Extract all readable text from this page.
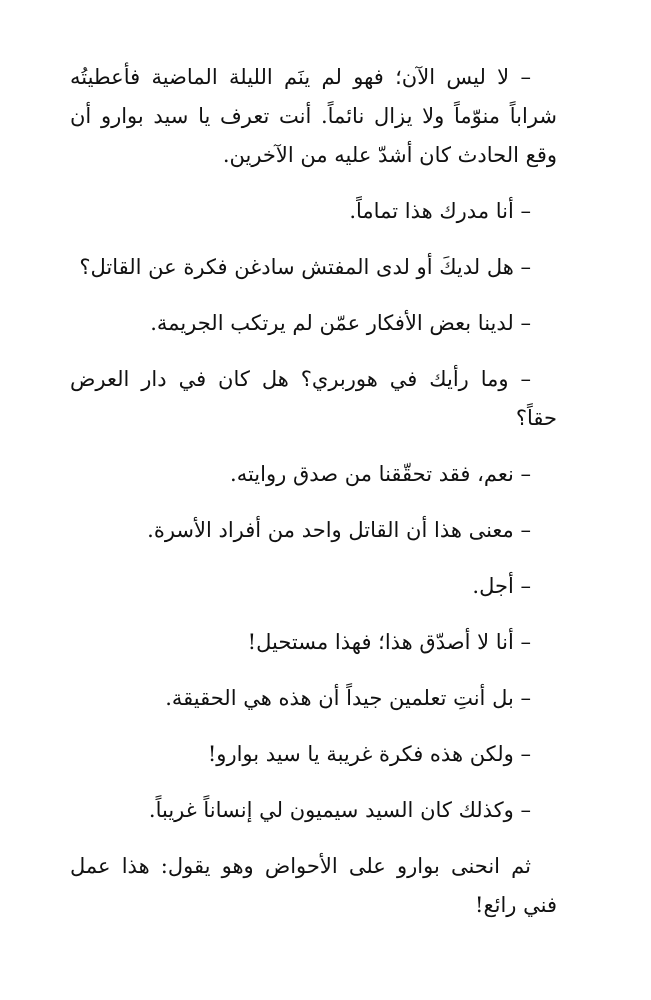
– لا ليس الآن؛ فهو لم ينَم الليلة الماضية فأعطيتُه شراباً منوّماً ولا يزال نائماً. أنت تعرف يا سيد بوارو أن وقع الحادث كان أشدّ عليه من الآخرين.

– أنا مدرك هذا تماماً.

– هل لديكَ أو لدى المفتش سادغن فكرة عن القاتل؟

– لدينا بعض الأفكار عمّن لم يرتكب الجريمة.

– وما رأيك في هوربري؟ هل كان في دار العرض حقاً؟

– نعم، فقد تحقّقنا من صدق روايته.

– معنى هذا أن القاتل واحد من أفراد الأسرة.

– أجل.

– أنا لا أصدّق هذا؛ فهذا مستحيل!

– بل أنتِ تعلمين جيداً أن هذه هي الحقيقة.

– ولكن هذه فكرة غريبة يا سيد بوارو!

– وكذلك كان السيد سيميون لي إنساناً غريباً.

ثم انحنى بوارو على الأحواض وهو يقول: هذا عمل فني رائع!
